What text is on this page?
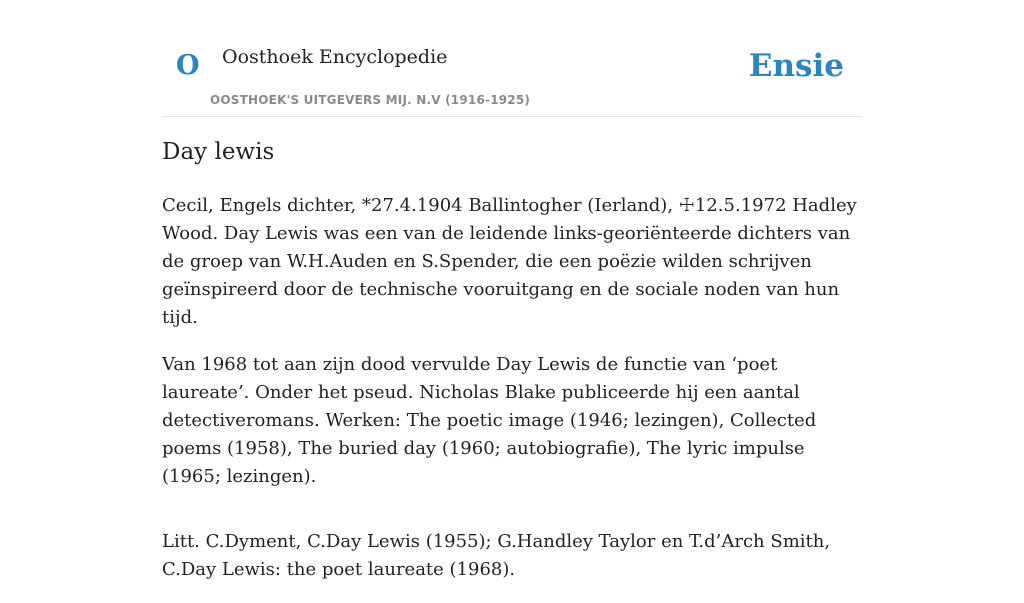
O Oosthoek Encyclopedie
OOSTHOEK'S UITGEVERS MIJ. N.V (1916-1925)
Ensie
Day lewis

Cecil, Engels dichter, *27.4.1904 Ballintogher (Ierland), ☩12.5.1972 Hadley Wood. Day Lewis was een van de leidende links-georiënteerde dichters van de groep van W.H.Auden en S.Spender, die een poëzie wilden schrijven geïnspireerd door de technische vooruitgang en de sociale noden van hun tijd.

Van 1968 tot aan zijn dood vervulde Day Lewis de functie van ‘poet laureate’. Onder het pseud. Nicholas Blake publiceerde hij een aantal detectiveromans. Werken: The poetic image (1946; lezingen), Collected poems (1958), The buried day (1960; autobiografie), The lyric impulse (1965; lezingen).

Litt. C.Dyment, C.Day Lewis (1955); G.Handley Taylor en T.d’Arch Smith, C.Day Lewis: the poet laureate (1968).
